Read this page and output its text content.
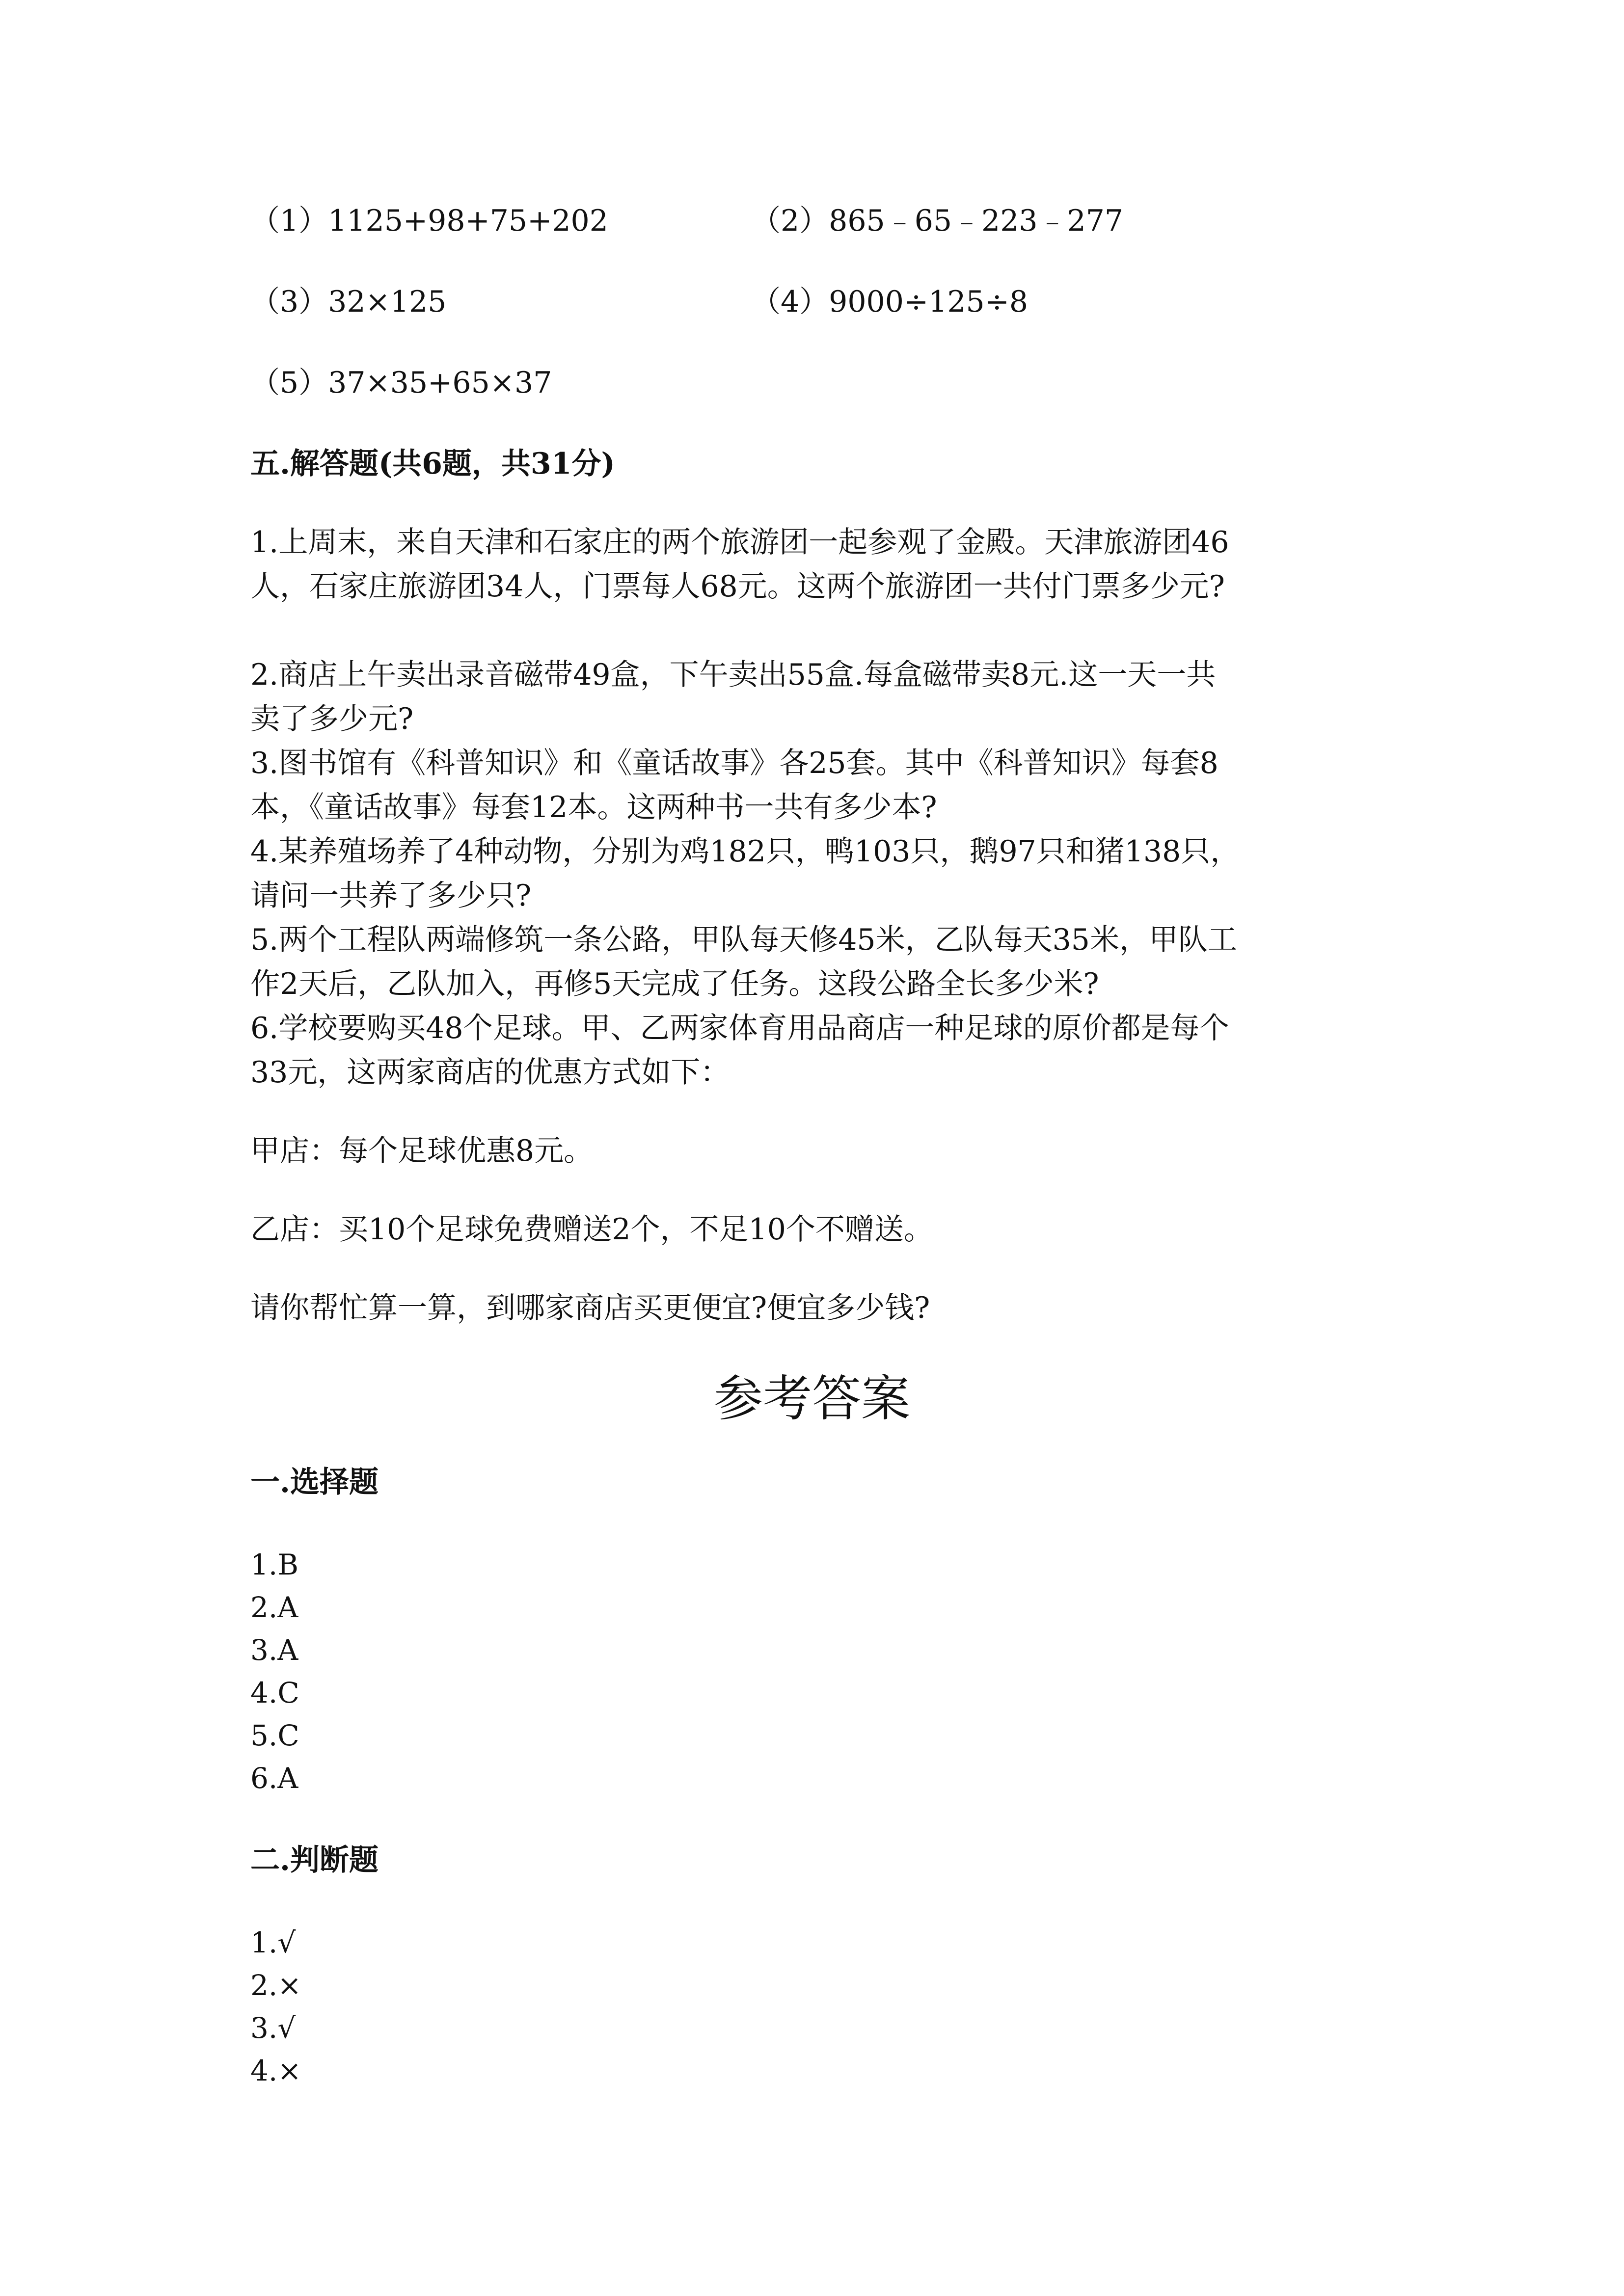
（1）1125+98+75+202	（2）865﹣65﹣223﹣277
（3）32×125	（4）9000÷125÷8
（5）37×35+65×37
五.解答题(共6题，共31分)
1.上周末，来自天津和石家庄的两个旅游团一起参观了金殿。天津旅游团46
人，石家庄旅游团34人，门票每人68元。这两个旅游团一共付门票多少元?
2.商店上午卖出录音磁带49盒，下午卖出55盒.每盒磁带卖8元.这一天一共
卖了多少元?
3.图书馆有《科普知识》和《童话故事》各25套。其中《科普知识》每套8
本，《童话故事》每套12本。这两种书一共有多少本?
4.某养殖场养了4种动物，分别为鸡182只，鸭103只，鹅97只和猪138只，
请问一共养了多少只?
5.两个工程队两端修筑一条公路，甲队每天修45米，乙队每天35米，甲队工
作2天后，乙队加入，再修5天完成了任务。这段公路全长多少米?
6.学校要购买48个足球。甲、乙两家体育用品商店一种足球的原价都是每个
33元，这两家商店的优惠方式如下：
甲店：每个足球优惠8元。
乙店：买10个足球免费赠送2个，不足10个不赠送。
请你帮忙算一算，到哪家商店买更便宜?便宜多少钱?
参考答案
一.选择题
1.B
2.A
3.A
4.C
5.C
6.A
二.判断题
1.√
2.×
3.√
4.×
